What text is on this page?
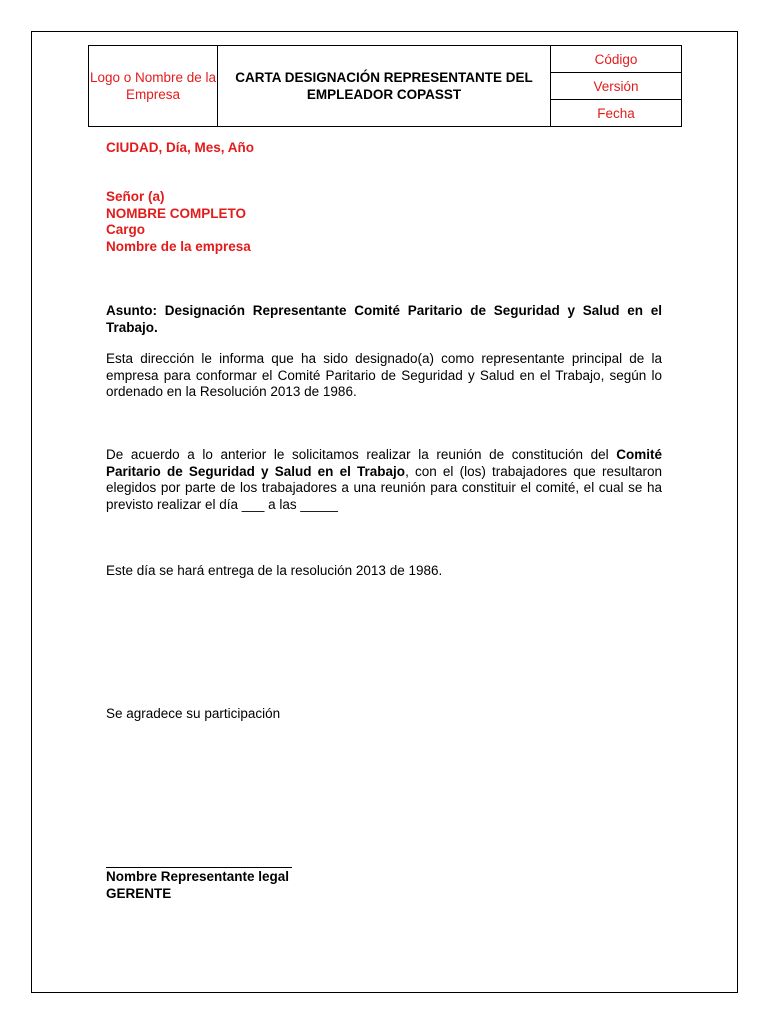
Logo o Nombre de la Empresa	
CARTA DESIGNACIÓN REPRESENTANTE DEL
EMPLEADOR COPASST
	Código
Versión
Fecha
CIUDAD, Día, Mes, Año
Señor (a)
NOMBRE COMPLETO
Cargo
Nombre de la empresa
Asunto: Designación Representante Comité Paritario de Seguridad y Salud en el
Trabajo.
Esta dirección le informa que ha sido designado(a) como representante principal de la
empresa para conformar el Comité Paritario de Seguridad y Salud en el Trabajo, según lo
ordenado en la Resolución 2013 de 1986.
De acuerdo a lo anterior le solicitamos realizar la reunión de constitución del Comité
Paritario de Seguridad y Salud en el Trabajo, con el (los) trabajadores que resultaron
elegidos por parte de los trabajadores a una reunión para constituir el comité, el cual se ha
previsto realizar el día ___ a las _____
Este día se hará entrega de la resolución 2013 de 1986.
Se agradece su participación
Nombre Representante legal
GERENTE
